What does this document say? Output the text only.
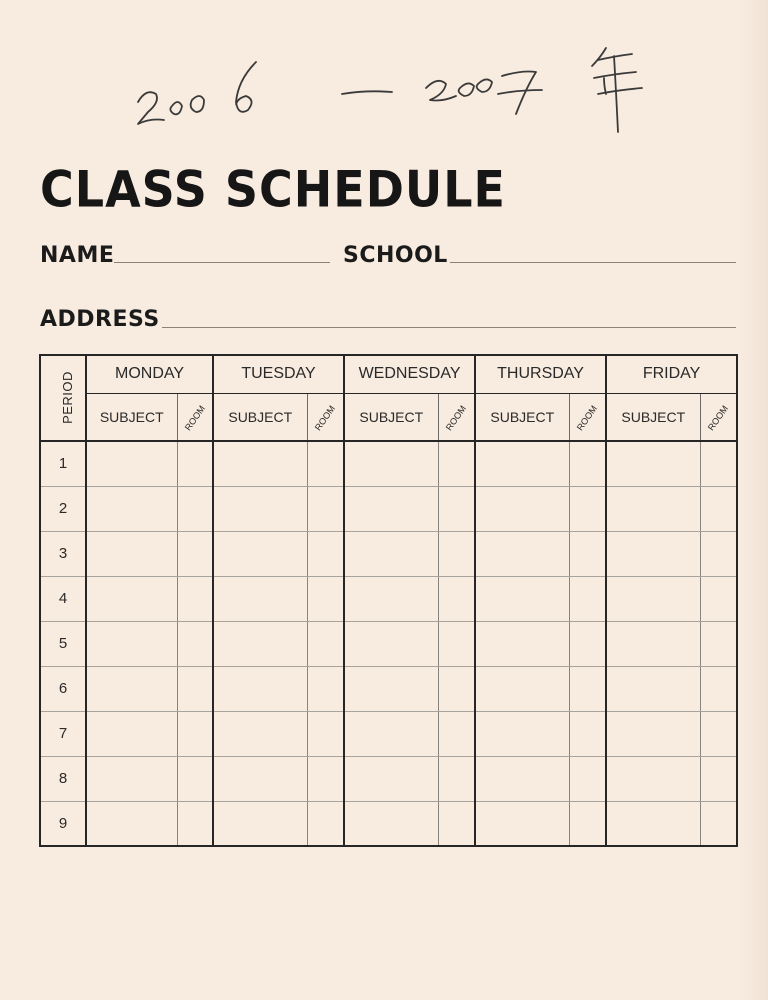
CLASS SCHEDULE
NAME	SCHOOL
ADDRESS
PERIOD	MONDAY		TUESDAY		WEDNESDAY		THURSDAY		FRIDAY	
	SUBJECT	ROOM	SUBJECT	ROOM	SUBJECT	ROOM	SUBJECT	ROOM	SUBJECT	ROOM
1										
2										
3										
4										
5										
6										
7										
8										
9										
